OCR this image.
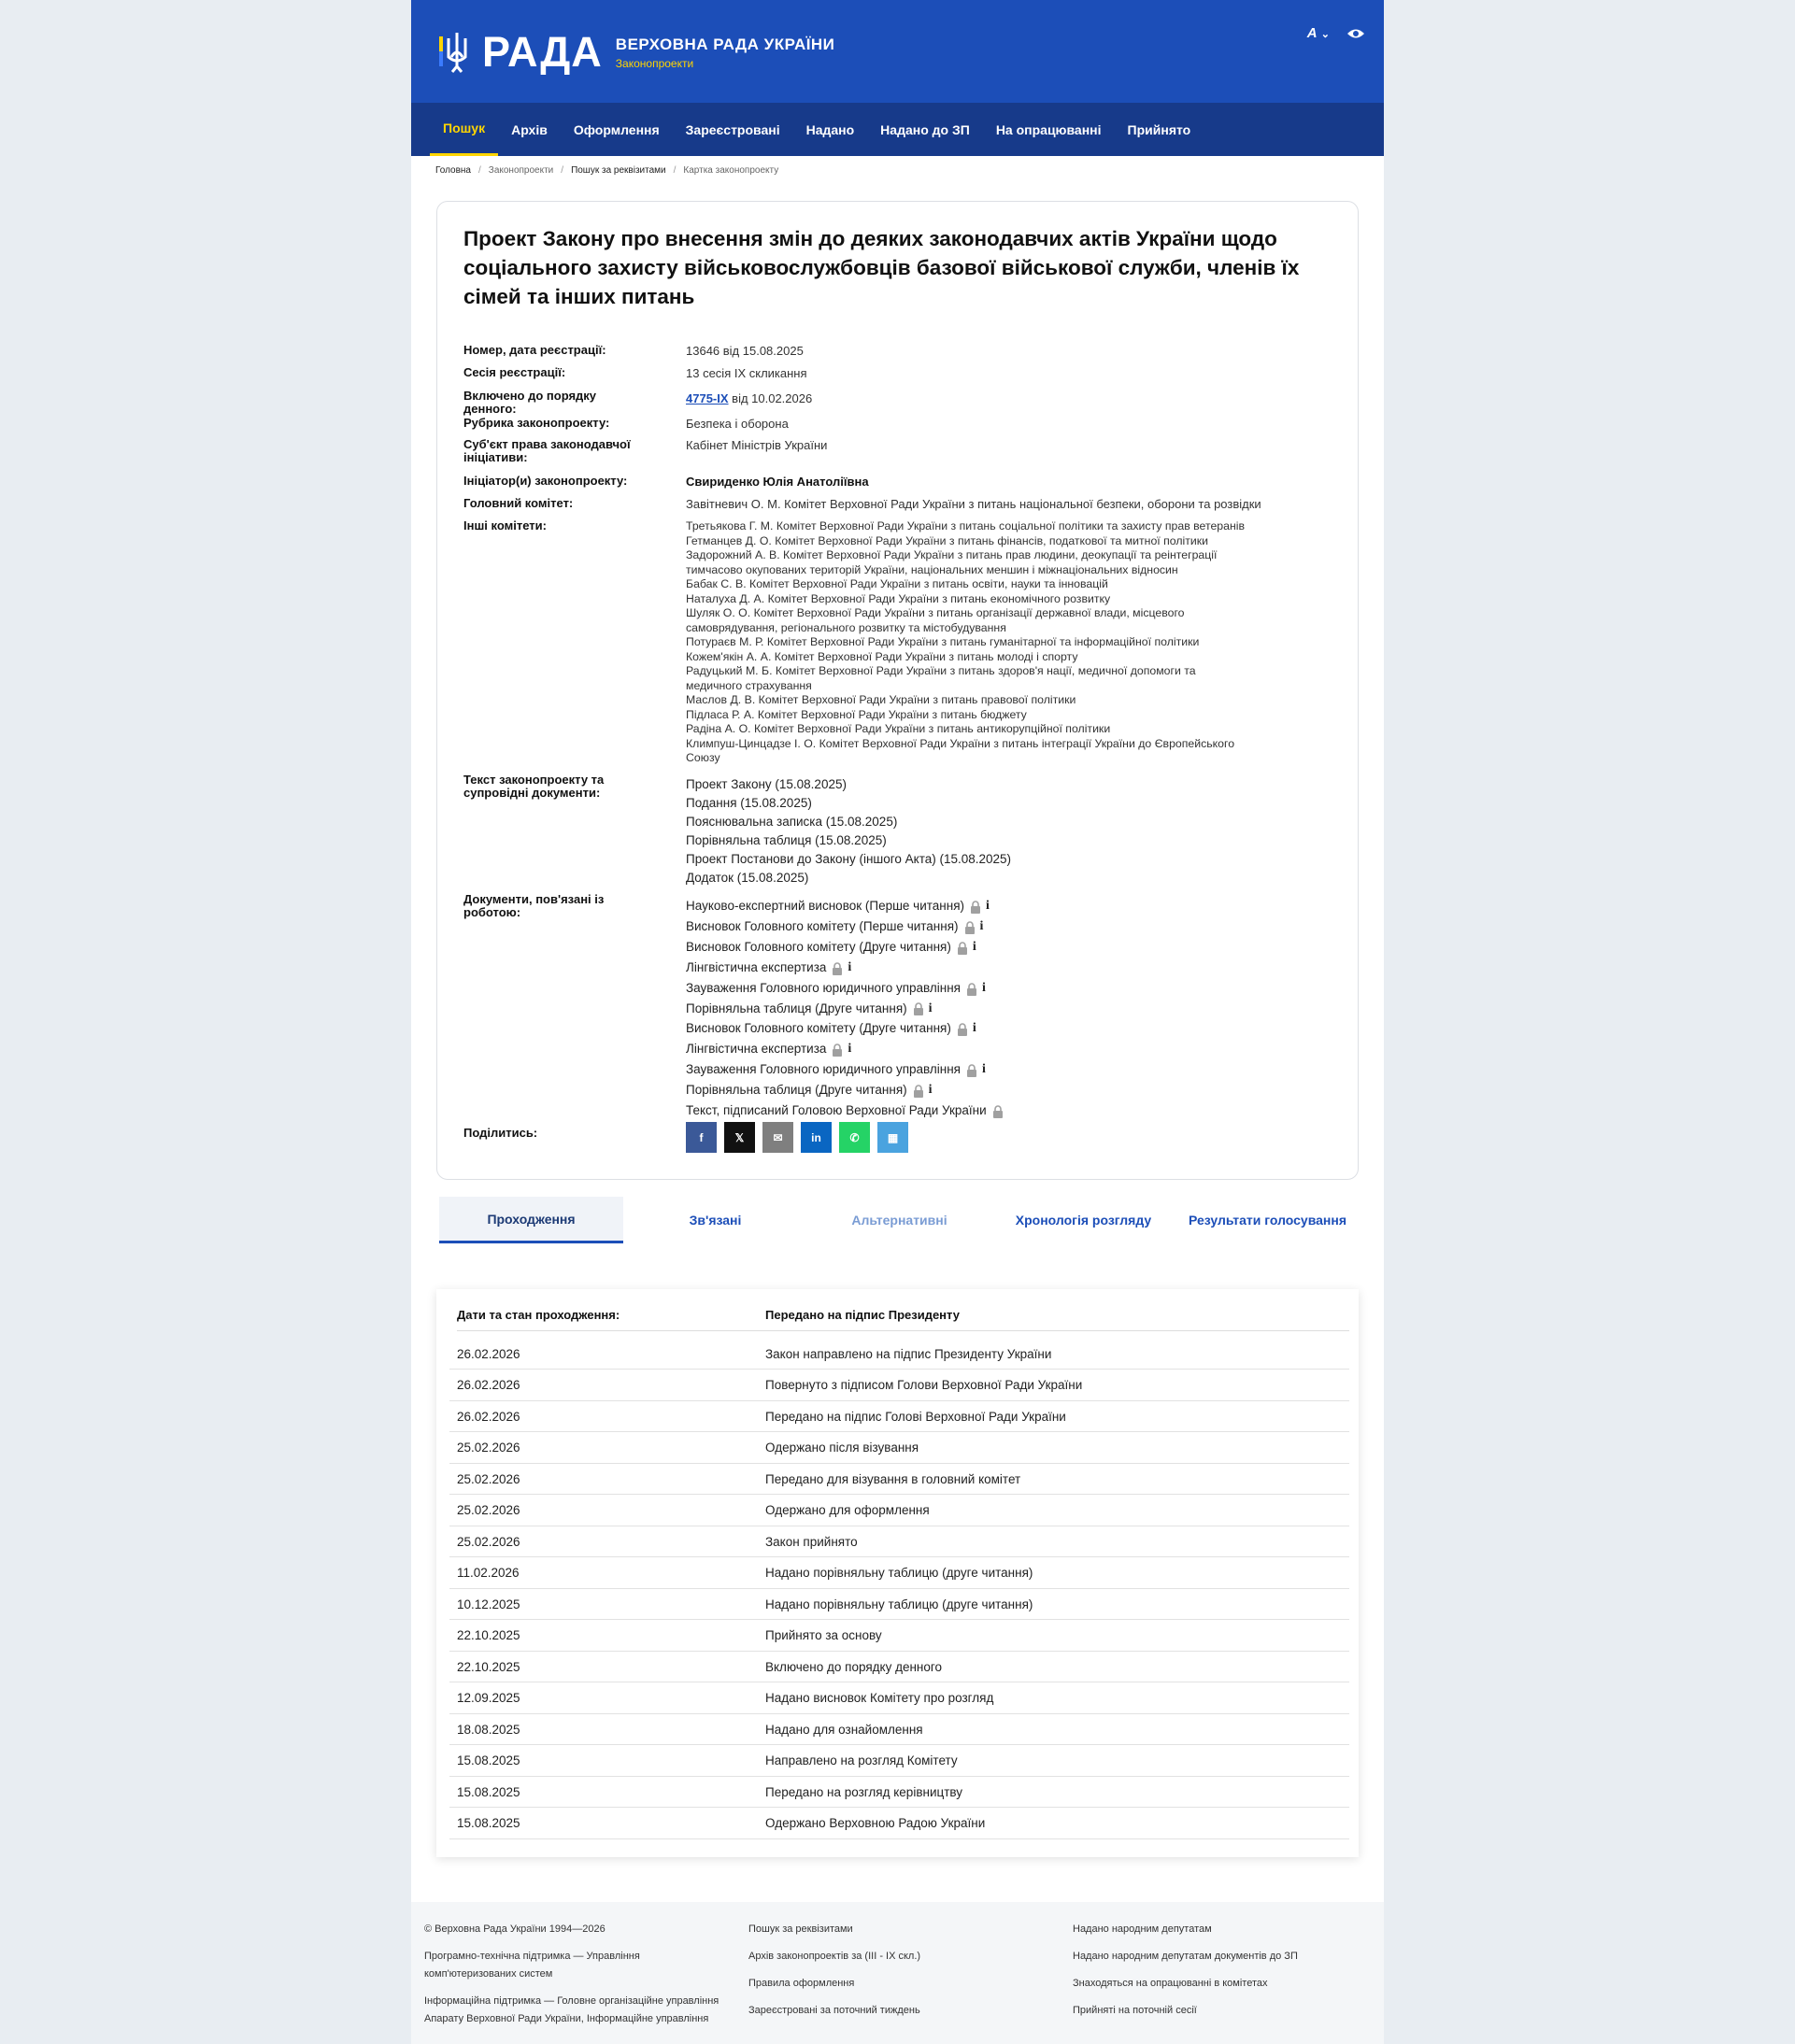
РАДА ВЕРХОВНА РАДА УКРАЇНИ
Законопроекти
A ⌄
Пошук	Архів	Оформлення	Зареєстровані	Надано	Надано до ЗП	На опрацюванні	Прийнято
Головна / Законопроекти / Пошук за реквізитами / Картка законопроекту
Проект Закону про внесення змін до деяких законодавчих актів України щодо соціального захисту військовослужбовців базової військової служби, членів їх сімей та інших питань
Номер, дата реєстрації:	13646 від 15.08.2025
Сесія реєстрації:	13 сесія IX скликання
Включено до порядку денного:
4775-IX від 10.02.2026
Рубрика законопроекту:	Безпека і оборона
Суб'єкт права законодавчої ініціативи:
Кабінет Міністрів України
Ініціатор(и) законопроекту:	Свириденко Юлія Анатоліївна
Головний комітет:	Завітневич О. М. Комітет Верховної Ради України з питань національної безпеки, оборони та розвідки
Інші комітети:	Третьякова Г. М. Комітет Верховної Ради України з питань соціальної політики та захисту прав ветеранів
Гетманцев Д. О. Комітет Верховної Ради України з питань фінансів, податкової та митної політики
Задорожний А. В. Комітет Верховної Ради України з питань прав людини, деокупації та реінтеграції
тимчасово окупованих територій України, національних меншин і міжнаціональних відносин
Бабак С. В. Комітет Верховної Ради України з питань освіти, науки та інновацій
Наталуха Д. А. Комітет Верховної Ради України з питань економічного розвитку
Шуляк О. О. Комітет Верховної Ради України з питань організації державної влади, місцевого
самоврядування, регіонального розвитку та містобудування
Потураєв М. Р. Комітет Верховної Ради України з питань гуманітарної та інформаційної політики
Кожем'якін А. А. Комітет Верховної Ради України з питань молоді і спорту
Радуцький М. Б. Комітет Верховної Ради України з питань здоров'я нації, медичної допомоги та
медичного страхування
Маслов Д. В. Комітет Верховної Ради України з питань правової політики
Підласа Р. А. Комітет Верховної Ради України з питань бюджету
Радіна А. О. Комітет Верховної Ради України з питань антикорупційної політики
Климпуш-Цинцадзе І. О. Комітет Верховної Ради України з питань інтеграції України до Європейського
Союзу
Текст законопроекту та супровідні документи:
Проект Закону (15.08.2025)
Подання (15.08.2025)
Пояснювальна записка (15.08.2025)
Порівняльна таблиця (15.08.2025)
Проект Постанови до Закону (іншого Акта) (15.08.2025)
Додаток (15.08.2025)
Документи, пов'язані із роботою:	Науково-експертний висновок (Перше читання) i
Висновок Головного комітету (Перше читання) i
Висновок Головного комітету (Друге читання) i
Лінгвістична експертиза i
Зауваження Головного юридичного управління i
Порівняльна таблиця (Друге читання) i
Висновок Головного комітету (Друге читання) i
Лінгвістична експертиза i
Зауваження Головного юридичного управління i
Порівняльна таблиця (Друге читання) i
Текст, підписаний Головою Верховної Ради України
Поділитись:	f	𝕏	✉	in	✆	▦
Проходження	Зв'язані	Альтернативні	Хронологія розгляду	Результати голосування
Дати та стан проходження:	Передано на підпис Президенту
26.02.2026	Закон направлено на підпис Президенту України
26.02.2026	Повернуто з підписом Голови Верховної Ради України
26.02.2026	Передано на підпис Голові Верховної Ради України
25.02.2026	Одержано після візування
25.02.2026	Передано для візування в головний комітет
25.02.2026	Одержано для оформлення
25.02.2026	Закон прийнято
11.02.2026	Надано порівняльну таблицю (друге читання)
10.12.2025	Надано порівняльну таблицю (друге читання)
22.10.2025	Прийнято за основу
22.10.2025	Включено до порядку денного
12.09.2025	Надано висновок Комітету про розгляд
18.08.2025	Надано для ознайомлення
15.08.2025	Направлено на розгляд Комітету
15.08.2025	Передано на розгляд керівництву
15.08.2025	Одержано Верховною Радою України
© Верховна Рада України 1994—2026
Програмно-технічна підтримка — Управління комп'ютеризованих систем
Інформаційна підтримка — Головне організаційне управління Апарату Верховної Ради України, Інформаційне управління
Пошук за реквізитами
Архів законопроектів за (III - IX скл.)
Правила оформлення
Зареєстровані за поточний тиждень
Надано народним депутатам
Надано народним депутатам документів до ЗП
Знаходяться на опрацюванні в комітетах
Прийняті на поточній сесії
